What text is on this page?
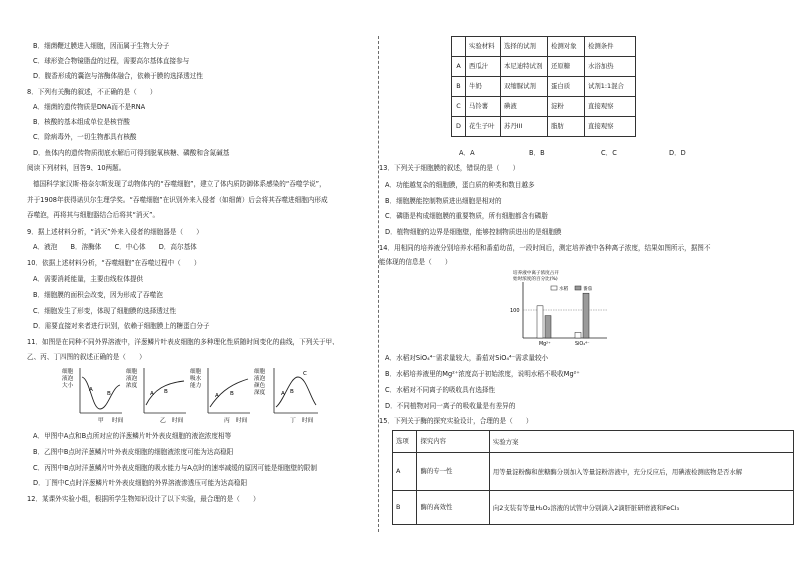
B．细菌鞭过膜进入细胞，因而属于生物大分子
C．球形瓷合物镜脂盘的过程，需要高尔基体直接参与
D．腹香形成的囊泡与溶酶体融合，依赖于膜的选择透过性
8．下列有关酶的叙述，不正确的是（　　）
A．细菌的遗传物质是DNA而不是RNA
B．核酸的基本组成单位是核苷酸
C．除病毒外，一切生物都具有核酸
D．鱼体内的遗传物质彻底水解后可得到脱氧核糖、磷酸和含氮碱基
阅读下列材料，回答9、10两题。
德国科学家汉斯·格奈尔斯发现了动物体内的“吞噬细胞”，建立了体内质防御体系感染的“吞噬学说”，
并于1908年获得诺贝尔生理学奖。“吞噬细胞”在识别外来入侵者（如细菌）后会将其吞噬进细胞内形成
吞噬泡，再将其与细胞器结合后将其“消灭”。
9．据上述材料分析，“消灭”外来入侵者的细胞器是（　　）
A．液泡　　B．溶酶体　　C．中心体　　D．高尔基体
10．依据上述材料分析，“吞噬细胞”在吞噬过程中（　　）
A．需要消耗能量，主要由线粒体提供
B．细胞膜的面积会改变，因为形成了吞噬泡
C．细胞发生了形变，体现了细胞膜的选择透过性
D．需要直接对来者进行识别，依赖于细胞膜上的糖蛋白分子
11．如图是在同种不同外界溶液中，洋葱鳞片叶表皮细胞的多种理化性质随时间变化的曲线，下列关于甲、
乙、丙、丁四图的叙述正确的是（　　）
细胞
液泡
大小
A
B
甲 时间
细胞
液泡
浓度
A B
乙 时间
细胞
吸水
能力
A B
丙 时间
细胞
液泡
颜色
深度	A B
C
丁 时间
A．甲图中A点和B点所对应的洋葱鳞片叶外表皮细胞的液泡浓度相等
B．乙图中B点时洋葱鳞片叶外表皮细胞的细胞液浓度可能为达高稳阳
C．丙图中B点时洋葱鳞片叶外表皮细胞的吸水能力与A点时的速率减缓的原因可能是细胞壁的限制
D．丁图中C点时洋葱鳞片叶外表皮细胞的外界溶液渗透压可能为达高稳阳
12．某课外实验小组，根据所学生物知识设计了以下实验，最合理的是（　　）
	实验材料	选择的试剂	检测对象	检测条件
A	西瓜汁	本尼迪特试剂	还原糖	水浴加热
B	牛奶	双缩脲试剂	蛋白质	试剂1:1混合
C	马铃薯	碘液	淀粉	直接观察
D	花生子叶	苏丹III	脂肪	直接观察
A．A	B．B	C．C	D．D
13．下列关于细胞膜的叙述，错误的是（　　）
A．功能越复杂的细胞膜，蛋白质的种类和数目越多
B．细胞膜能控制物质进出细胞是相对的
C．磷脂是构成细胞膜的重要物质，所有细胞都含有磷脂
D．植物细胞的边界是细胞壁，能够控制物质进出的是细胞膜
14．用相同的培养液分别培养水稻和番茄幼苗，一段时间后，测定培养液中各种离子浓度，结果如图所示，据图不
能体现的信息是（　　）
培养液中离子浓度占开
始时浓度的百分比(%)
100
水稻	番茄
Mg²⁺	SiO₄⁴⁻
A．水稻对SiO₄⁴⁻需求量较大，番茄对SiO₄⁴⁻需求量较小
B．水稻培养液里的Mg²⁺浓度高于初始浓度，说明水稻不吸收Mg²⁺
C．水稻对不同离子的吸收具有选择性
D．不同植物对同一离子的吸收量是有差异的
15．下列关于酶的探究实验设计，合理的是（　　）
选项	探究内容	实验方案
A	酶的专一性	用等量淀粉酶和蔗糖酶分别加入等量淀粉溶液中，充分反应后，用碘液检测底物是否水解
B	酶的高效性	向2支装有等量H₂O₂溶液的试管中分别滴入2滴肝脏研磨液和FeCl₃
